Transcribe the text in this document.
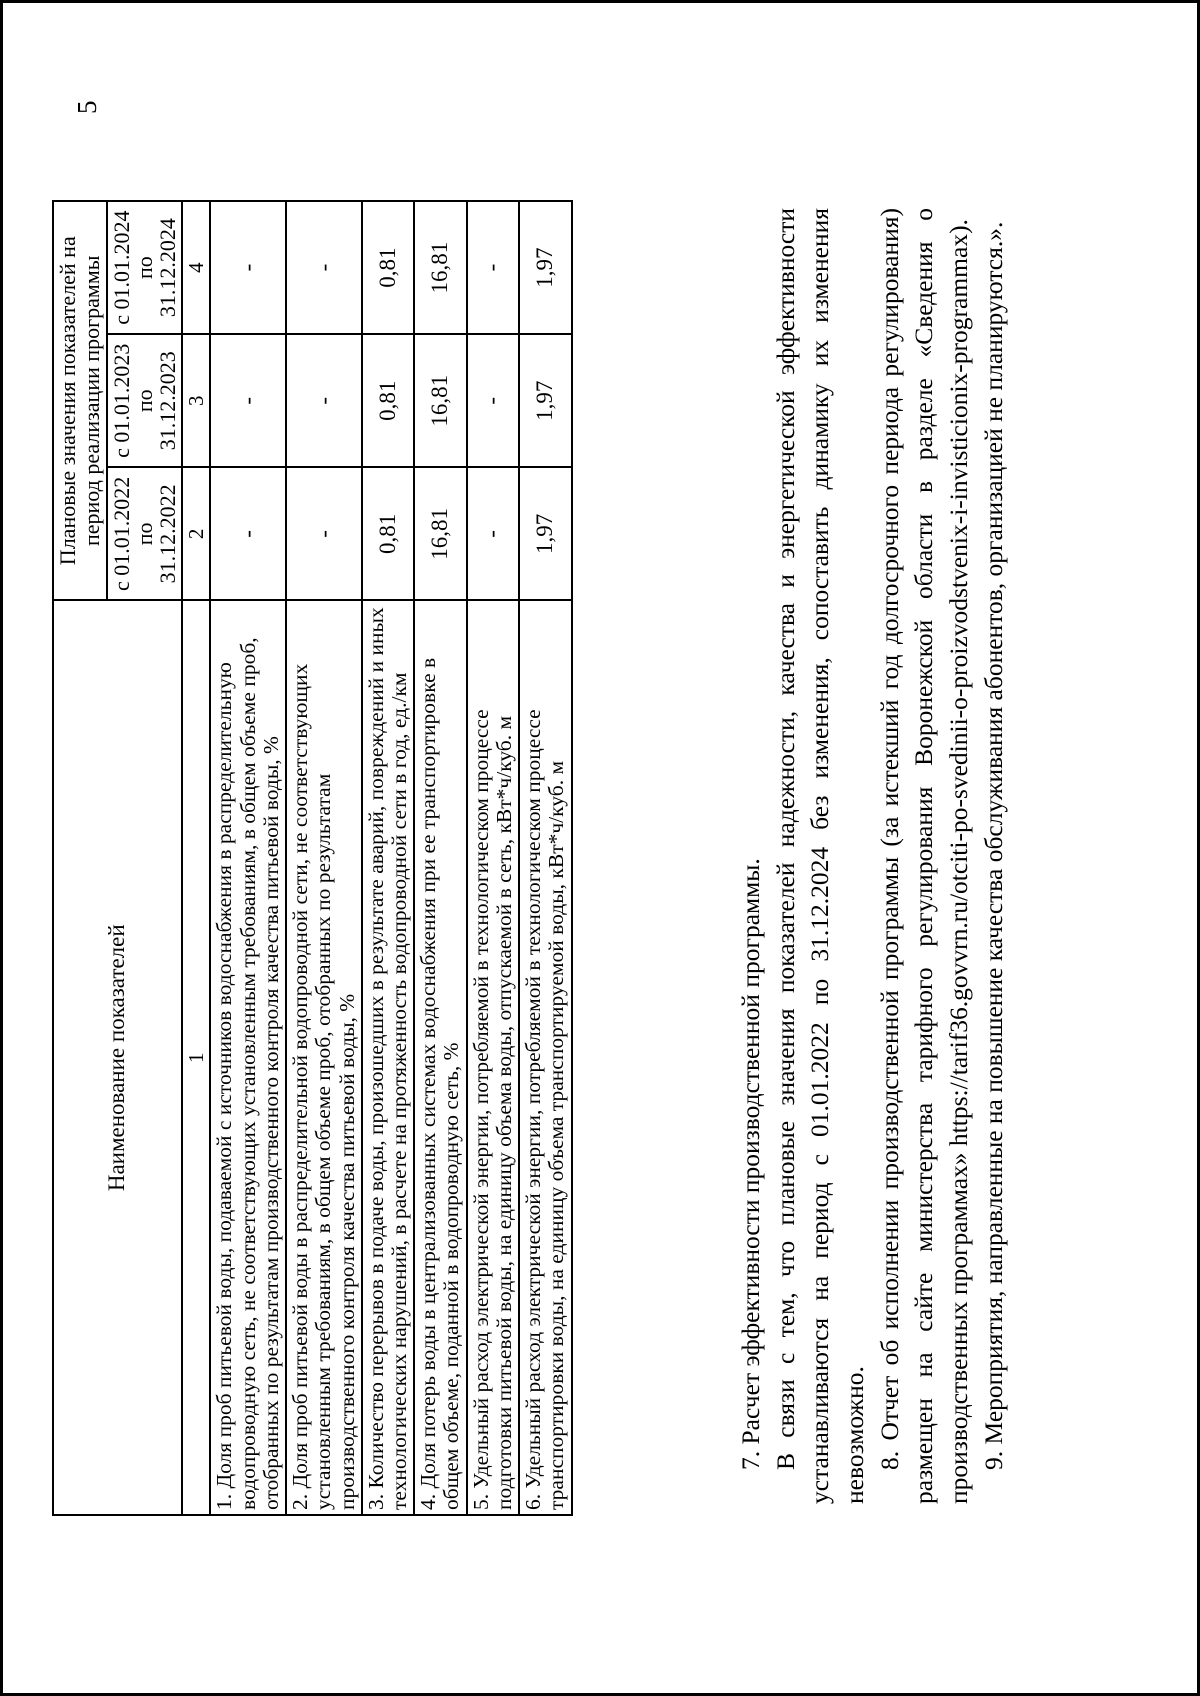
5
Наименование показателей	Плановые значения показателей на период реализации программы		
	с 01.01.2022 по 31.12.2022	с 01.01.2023 по 31.12.2023	с 01.01.2024 по 31.12.2024
1	2	3	4
1. Доля проб питьевой воды, подаваемой с источников водоснабжения в распределительную водопроводную сеть, не соответствующих установленным требованиям, в общем объеме проб, отобранных по результатам производственного контроля качества питьевой воды, %	-	-	-
2. Доля проб питьевой воды в распределительной водопроводной сети, не соответствующих установленным требованиям, в общем объеме проб, отобранных по результатам производственного контроля качества питьевой воды, %	-	-	-
3. Количество перерывов в подаче воды, произошедших в результате аварий, повреждений и иных технологических нарушений, в расчете на протяженность водопроводной сети в год, ед./км	0,81	0,81	0,81
4. Доля потерь воды в централизованных системах водоснабжения при ее транспортировке в общем объеме, поданной в водопроводную сеть, %	16,81	16,81	16,81
5. Удельный расход электрической энергии, потребляемой в технологическом процессе подготовки питьевой воды, на единицу объема воды, отпускаемой в сеть, кВт*ч/куб. м	-	-	-
6. Удельный расход электрической энергии, потребляемой в технологическом процессе транспортировки воды, на единицу объема транспортируемой воды, кВт*ч/куб. м	1,97	1,97	1,97

7. Расчет эффективности производственной программы. В связи с тем, что плановые значения показателей надежности, качества и энергетической эффективности устанавливаются на период с 01.01.2022 по 31.12.2024 без изменения, сопоставить динамику их изменения невозможно. 8. Отчет об исполнении производственной программы (за истекший год долгосрочного периода регулирования) размещен на сайте министерства тарифного регулирования Воронежской области в разделе «Сведения о производственных программах» https://tarif36.govvrn.ru/otciti-po-svedinii-o-proizvodstvenix-i-invisticionix-programmax). 9. Мероприятия, направленные на повышение качества обслуживания абонентов, организацией не планируются.».
